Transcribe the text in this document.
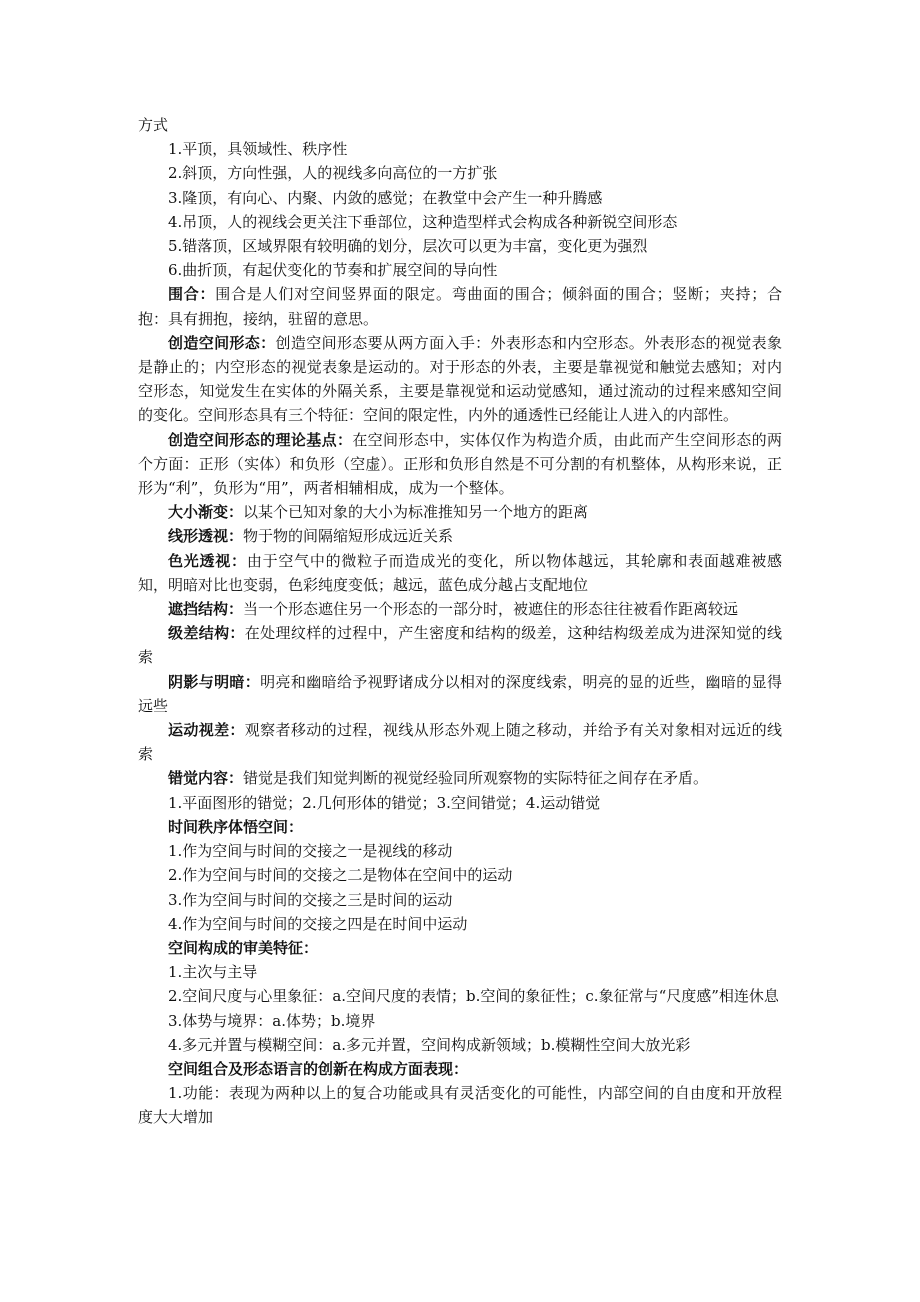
方式
1.平顶，具领域性、秩序性
2.斜顶，方向性强，人的视线多向高位的一方扩张
3.隆顶，有向心、内聚、内敛的感觉；在教堂中会产生一种升腾感
4.吊顶，人的视线会更关注下垂部位，这种造型样式会构成各种新锐空间形态
5.错落顶，区域界限有较明确的划分，层次可以更为丰富，变化更为强烈
6.曲折顶，有起伏变化的节奏和扩展空间的导向性
围合：围合是人们对空间竖界面的限定。弯曲面的围合；倾斜面的围合；竖断；夹持；合抱：具有拥抱，接纳，驻留的意思。
创造空间形态：创造空间形态要从两方面入手：外表形态和内空形态。外表形态的视觉表象是静止的；内空形态的视觉表象是运动的。对于形态的外表，主要是靠视觉和触觉去感知；对内空形态，知觉发生在实体的外隔关系，主要是靠视觉和运动觉感知，通过流动的过程来感知空间的变化。空间形态具有三个特征：空间的限定性，内外的通透性已经能让人进入的内部性。
创造空间形态的理论基点：在空间形态中，实体仅作为构造介质，由此而产生空间形态的两个方面：正形（实体）和负形（空虚）。正形和负形自然是不可分割的有机整体，从构形来说，正形为“利”，负形为“用”，两者相辅相成，成为一个整体。
大小渐变：以某个已知对象的大小为标准推知另一个地方的距离
线形透视：物于物的间隔缩短形成远近关系
色光透视：由于空气中的微粒子而造成光的变化，所以物体越远，其轮廓和表面越难被感知，明暗对比也变弱，色彩纯度变低；越远，蓝色成分越占支配地位
遮挡结构：当一个形态遮住另一个形态的一部分时，被遮住的形态往往被看作距离较远
级差结构：在处理纹样的过程中，产生密度和结构的级差，这种结构级差成为进深知觉的线索
阴影与明暗：明亮和幽暗给予视野诸成分以相对的深度线索，明亮的显的近些，幽暗的显得远些
运动视差：观察者移动的过程，视线从形态外观上随之移动，并给予有关对象相对远近的线索
错觉内容：错觉是我们知觉判断的视觉经验同所观察物的实际特征之间存在矛盾。
1.平面图形的错觉；2.几何形体的错觉；3.空间错觉；4.运动错觉
时间秩序体悟空间：
1.作为空间与时间的交接之一是视线的移动
2.作为空间与时间的交接之二是物体在空间中的运动
3.作为空间与时间的交接之三是时间的运动
4.作为空间与时间的交接之四是在时间中运动
空间构成的审美特征：
1.主次与主导
2.空间尺度与心里象征：a.空间尺度的表情；b.空间的象征性；c.象征常与“尺度感”相连休息
3.体势与境界：a.体势；b.境界
4.多元并置与模糊空间：a.多元并置，空间构成新领域；b.模糊性空间大放光彩
空间组合及形态语言的创新在构成方面表现：
1.功能：表现为两种以上的复合功能或具有灵活变化的可能性，内部空间的自由度和开放程度大大增加
